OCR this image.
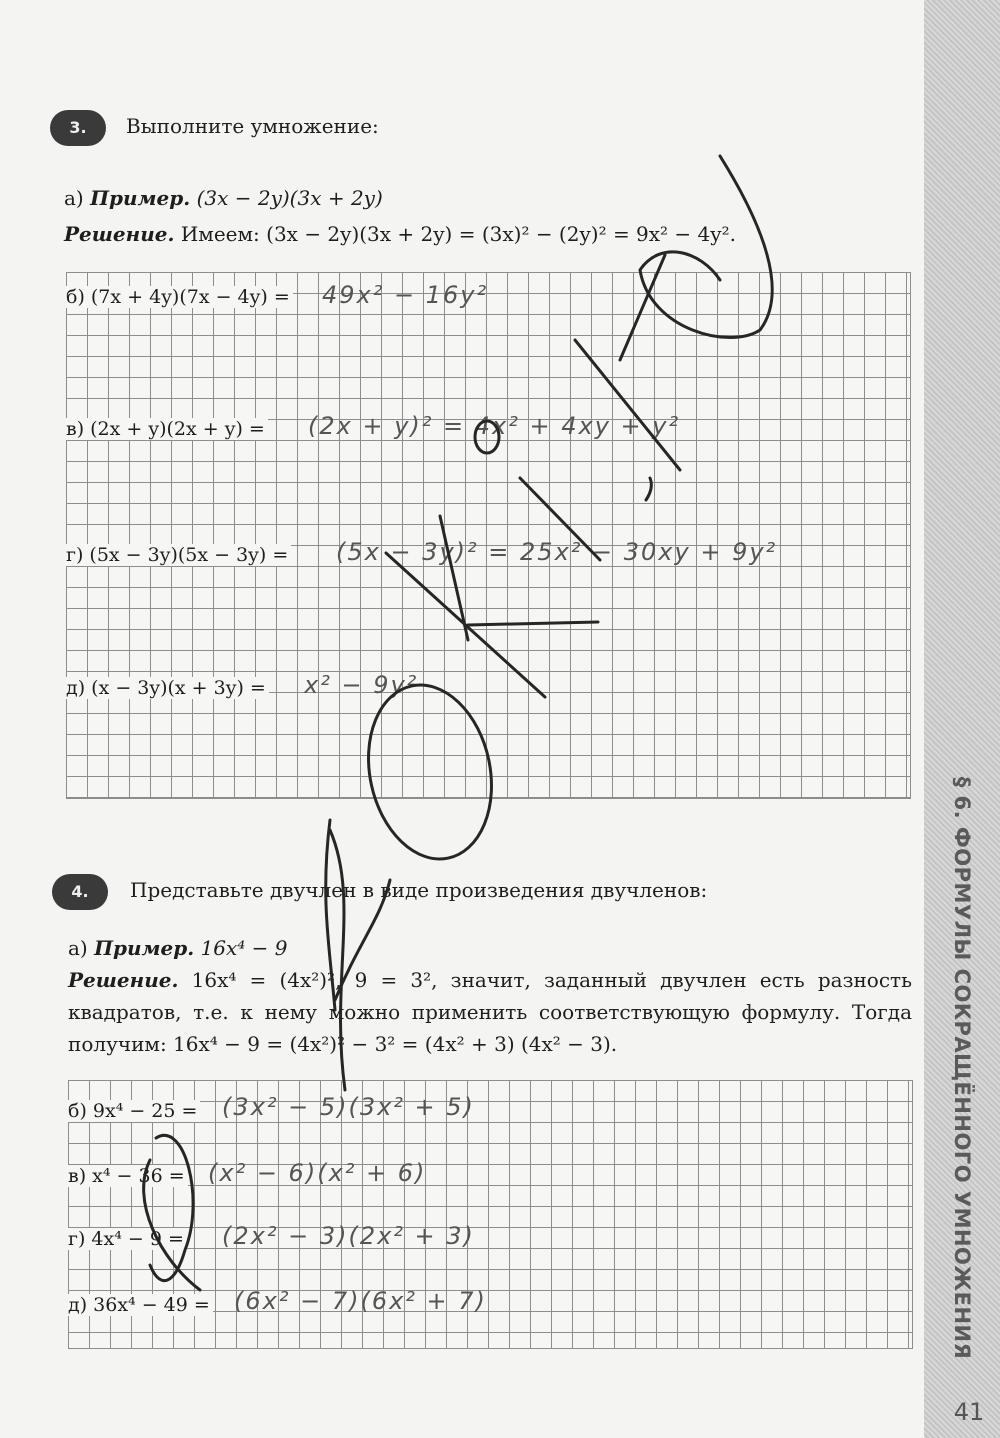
§ 6. ФОРМУЛЫ СОКРАЩЁННОГО УМНОЖЕНИЯ
41
3.	Выполните умножение:
а) Пример. (3x − 2y)(3x + 2y)
Решение. Имеем: (3x − 2y)(3x + 2y) = (3x)² − (2y)² = 9x² − 4y².
б) (7x + 4y)(7x − 4y) = 49x² − 16y²
в) (2x + y)(2x + y) = (2x + y)² = 4x² + 4xy + y²
г) (5x − 3y)(5x − 3y) = (5x − 3y)² = 25x² − 30xy + 9y²
д) (x − 3y)(x + 3y) = x² − 9y²
4.	Представьте двучлен в виде произведения двучленов:
а) Пример. 16x⁴ − 9
Решение. 16x⁴ = (4x²)², 9 = 3², значит, заданный двучлен есть разность квадратов, т.е. к нему можно применить соответствующую формулу. Тогда получим: 16x⁴ − 9 = (4x²)² − 3² = (4x² + 3) (4x² − 3).
б) 9x⁴ − 25 = (3x² − 5)(3x² + 5)
в) x⁴ − 36 = (x² − 6)(x² + 6)
г) 4x⁴ − 9 = (2x² − 3)(2x² + 3)
д) 36x⁴ − 49 = (6x² − 7)(6x² + 7)
